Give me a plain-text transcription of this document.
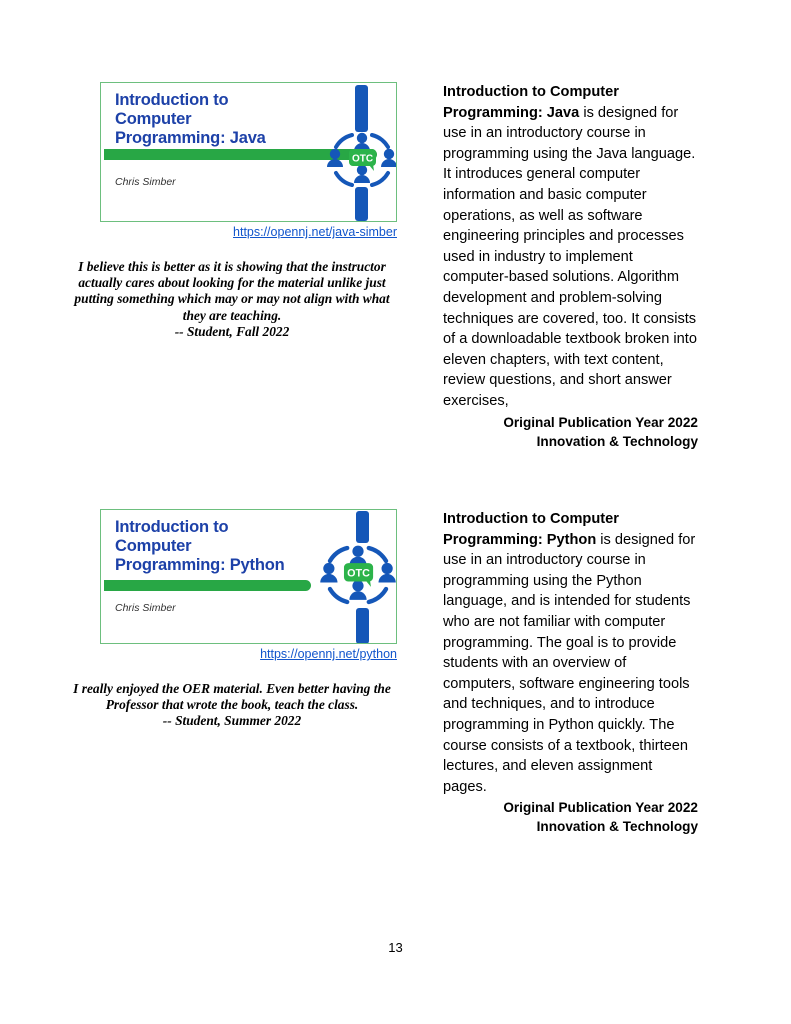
Introduction to
Computer
Programming: Java
Chris Simber
OTC
https://opennj.net/java-simber
I believe this is better as it is showing that the instructor actually cares about looking for the material unlike just putting something which may or may not align with what they are teaching.
-- Student, Fall 2022
Introduction to Computer Programming: Java is designed for use in an introductory course in programming using the Java language. It introduces general computer information and basic computer operations, as well as software engineering principles and processes used in industry to implement computer-based solutions. Algorithm development and problem-solving techniques are covered, too. It consists of a downloadable textbook broken into eleven chapters, with text content, review questions, and short answer exercises,
Original Publication Year 2022
Innovation & Technology
Introduction to
Computer
Programming: Python
Chris Simber
OTC
https://opennj.net/python
I really enjoyed the OER material. Even better having the Professor that wrote the book, teach the class.
-- Student, Summer 2022
Introduction to Computer Programming: Python is designed for use in an introductory course in programming using the Python language, and is intended for students who are not familiar with computer programming. The goal is to provide students with an overview of computers, software engineering tools and techniques, and to introduce programming in Python quickly. The course consists of a textbook, thirteen lectures, and eleven assignment pages.
Original Publication Year 2022
Innovation & Technology
13
